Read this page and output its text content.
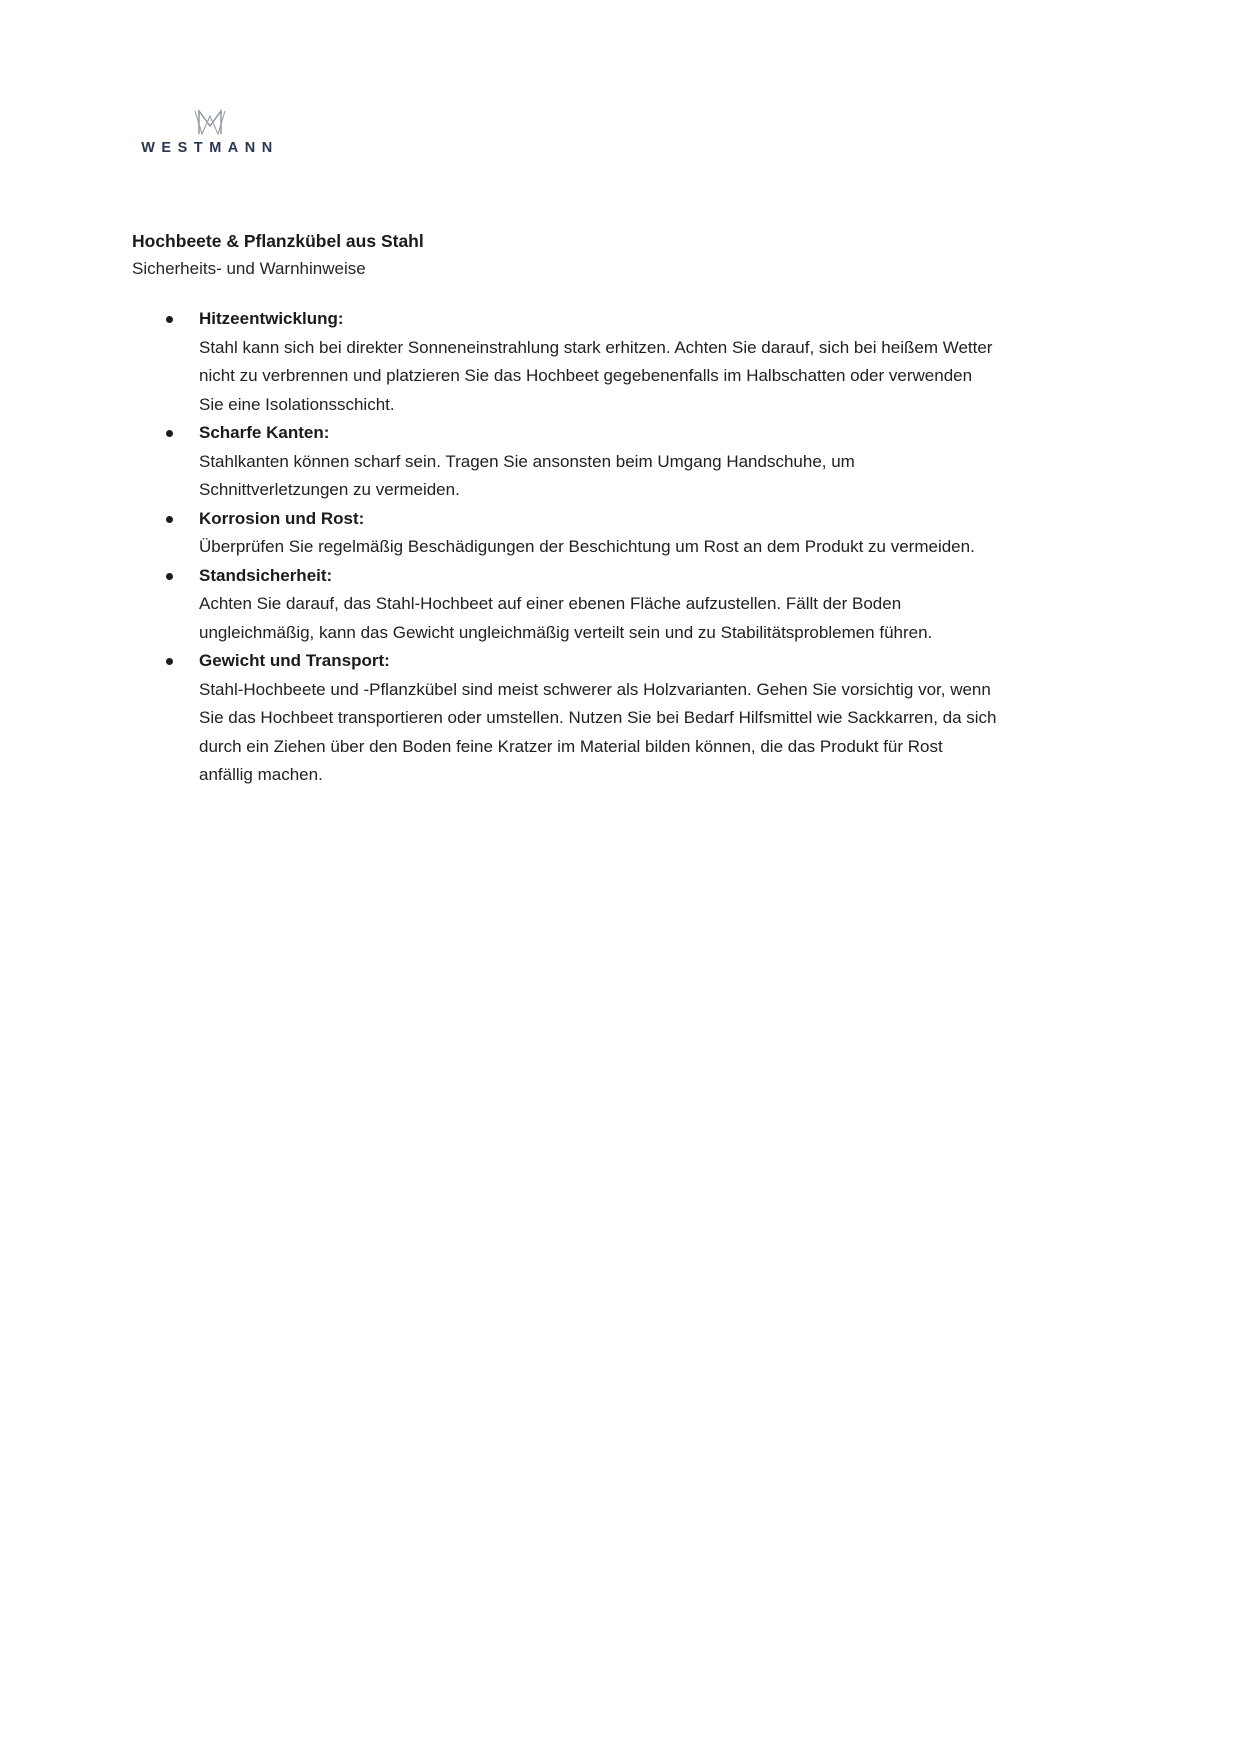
WESTMANN
Hochbeete & Pflanzkübel aus Stahl

Sicherheits- und Warnhinweise

Hitzeentwicklung:
Stahl kann sich bei direkter Sonneneinstrahlung stark erhitzen. Achten Sie darauf, sich bei heißem Wetter nicht zu verbrennen und platzieren Sie das Hochbeet gegebenenfalls im Halbschatten oder verwenden Sie eine Isolationsschicht.
Scharfe Kanten:
Stahlkanten können scharf sein. Tragen Sie ansonsten beim Umgang Handschuhe, um Schnittverletzungen zu vermeiden.
Korrosion und Rost:
Überprüfen Sie regelmäßig Beschädigungen der Beschichtung um Rost an dem Produkt zu vermeiden.
Standsicherheit:
Achten Sie darauf, das Stahl-Hochbeet auf einer ebenen Fläche aufzustellen. Fällt der Boden ungleichmäßig, kann das Gewicht ungleichmäßig verteilt sein und zu Stabilitätsproblemen führen.
Gewicht und Transport:
Stahl-Hochbeete und -Pflanzkübel sind meist schwerer als Holzvarianten. Gehen Sie vorsichtig vor, wenn Sie das Hochbeet transportieren oder umstellen. Nutzen Sie bei Bedarf Hilfsmittel wie Sackkarren, da sich durch ein Ziehen über den Boden feine Kratzer im Material bilden können, die das Produkt für Rost anfällig machen.
